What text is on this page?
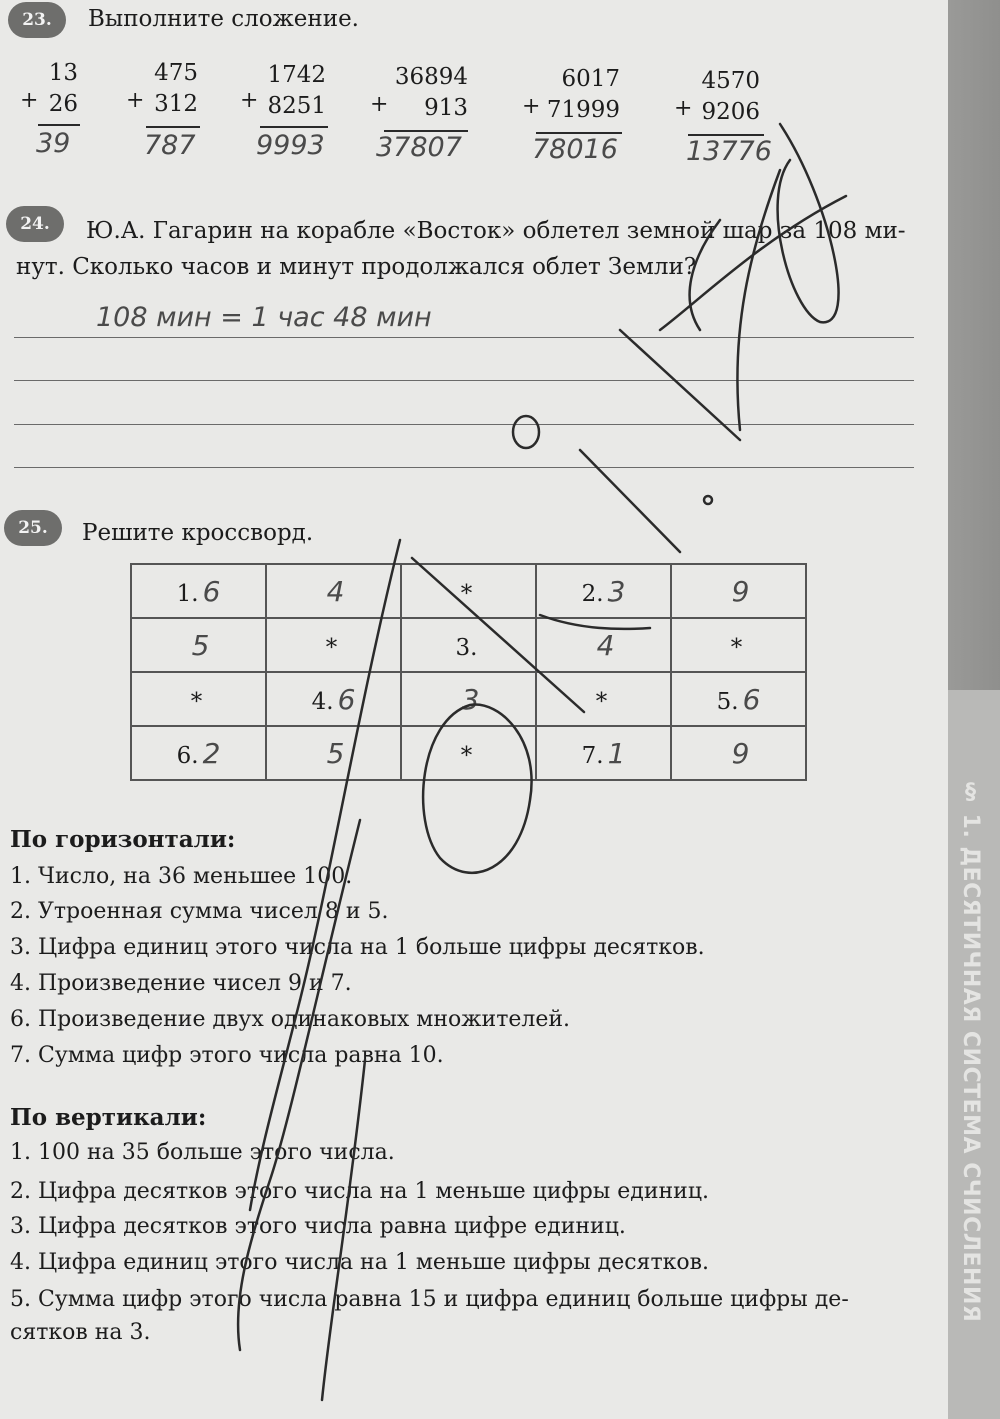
§ 1. ДЕСЯТИЧНАЯ СИСТЕМА СЧИСЛЕНИЯ
23.	Выполните сложение.
13
26
+
39
475
312
+
787
1742
8251
+
9993
36894
913
+
37807
6017
71999
+
78016
4570
9206
+
13776
24.	Ю.А. Гагарин на корабле «Восток» облетел земной шар за 108 ми-
нут. Сколько часов и минут продолжался облет Земли?
108 мин = 1 час 48 мин
25.	Решите кроссворд.
1. 6	4	*	2. 3	9
5	*	3.	4	*
*	4. 6	3	*	5. 6
6. 2	5	*	7. 1	9
По горизонтали:
1. Число, на 36 меньшее 100.
2. Утроенная сумма чисел 8 и 5.
3. Цифра единиц этого числа на 1 больше цифры десятков.
4. Произведение чисел 9 и 7.
6. Произведение двух одинаковых множителей.
7. Сумма цифр этого числа равна 10.
По вертикали:
1. 100 на 35 больше этого числа.
2. Цифра десятков этого числа на 1 меньше цифры единиц.
3. Цифра десятков этого числа равна цифре единиц.
4. Цифра единиц этого числа на 1 меньше цифры десятков.
5. Сумма цифр этого числа равна 15 и цифра единиц больше цифры де-
сятков на 3.
